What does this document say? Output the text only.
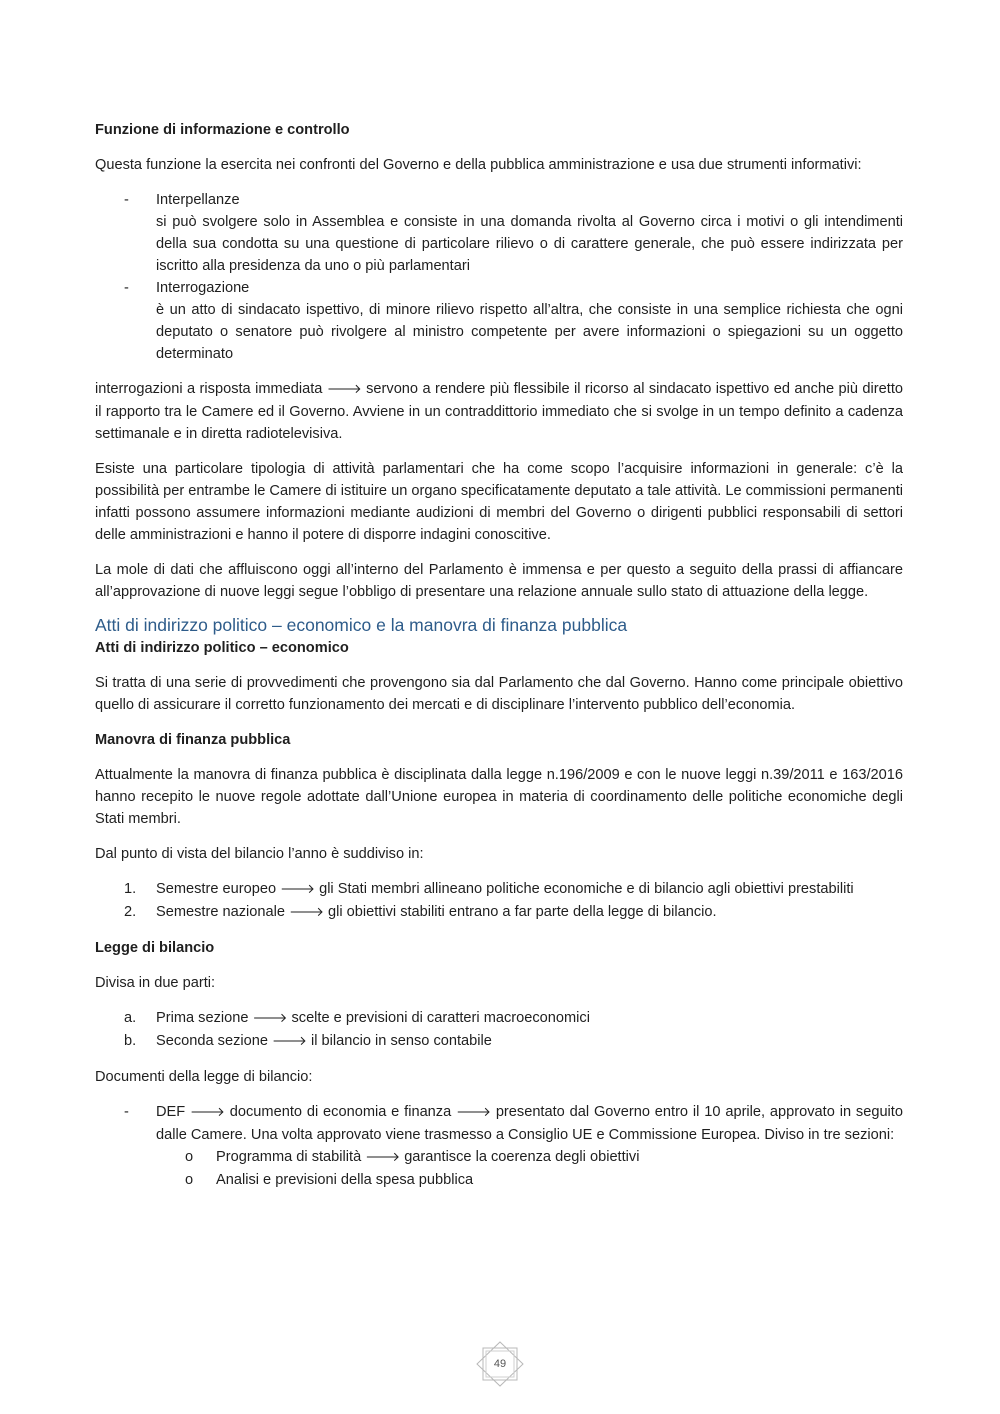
Funzione di informazione e controllo

Questa funzione la esercita nei confronti del Governo e della pubblica amministrazione e usa due strumenti informativi:

- Interpellanze
si può svolgere solo in Assemblea e consiste in una domanda rivolta al Governo circa i motivi o gli intendimenti della sua condotta su una questione di particolare rilievo o di carattere generale, che può essere indirizzata per iscritto alla presidenza da uno o più parlamentari
- Interrogazione
è un atto di sindacato ispettivo, di minore rilievo rispetto all’altra, che consiste in una semplice richiesta che ogni deputato o senatore può rivolgere al ministro competente per avere informazioni o spiegazioni su un oggetto determinato

interrogazioni a risposta immediata 🡒 servono a rendere più flessibile il ricorso al sindacato ispettivo ed anche più diretto il rapporto tra le Camere ed il Governo. Avviene in un contraddittorio immediato che si svolge in un tempo definito a cadenza settimanale e in diretta radiotelevisiva.

Esiste una particolare tipologia di attività parlamentari che ha come scopo l’acquisire informazioni in generale: c’è la possibilità per entrambe le Camere di istituire un organo specificatamente deputato a tale attività. Le commissioni permanenti infatti possono assumere informazioni mediante audizioni di membri del Governo o dirigenti pubblici responsabili di settori delle amministrazioni e hanno il potere di disporre indagini conoscitive.

La mole di dati che affluiscono oggi all’interno del Parlamento è immensa e per questo a seguito della prassi di affiancare all’approvazione di nuove leggi segue l’obbligo di presentare una relazione annuale sullo stato di attuazione della legge.

Atti di indirizzo politico – economico e la manovra di finanza pubblica

Atti di indirizzo politico – economico

Si tratta di una serie di provvedimenti che provengono sia dal Parlamento che dal Governo. Hanno come principale obiettivo quello di assicurare il corretto funzionamento dei mercati e di disciplinare l’intervento pubblico dell’economia.

Manovra di finanza pubblica

Attualmente la manovra di finanza pubblica è disciplinata dalla legge n.196/2009 e con le nuove leggi n.39/2011 e 163/2016 hanno recepito le nuove regole adottate dall’Unione europea in materia di coordinamento delle politiche economiche degli Stati membri.

Dal punto di vista del bilancio l’anno è suddiviso in:

1. Semestre europeo 🡒 gli Stati membri allineano politiche economiche e di bilancio agli obiettivi prestabiliti
2. Semestre nazionale 🡒 gli obiettivi stabiliti entrano a far parte della legge di bilancio.

Legge di bilancio

Divisa in due parti:

a. Prima sezione 🡒 scelte e previsioni di caratteri macroeconomici
b. Seconda sezione 🡒 il bilancio in senso contabile

Documenti della legge di bilancio:

- DEF 🡒 documento di economia e finanza 🡒 presentato dal Governo entro il 10 aprile, approvato in seguito dalle Camere. Una volta approvato viene trasmesso a Consiglio UE e Commissione Europea. Diviso in tre sezioni:
o Programma di stabilità 🡒 garantisce la coerenza degli obiettivi
o Analisi e previsioni della spesa pubblica
49
